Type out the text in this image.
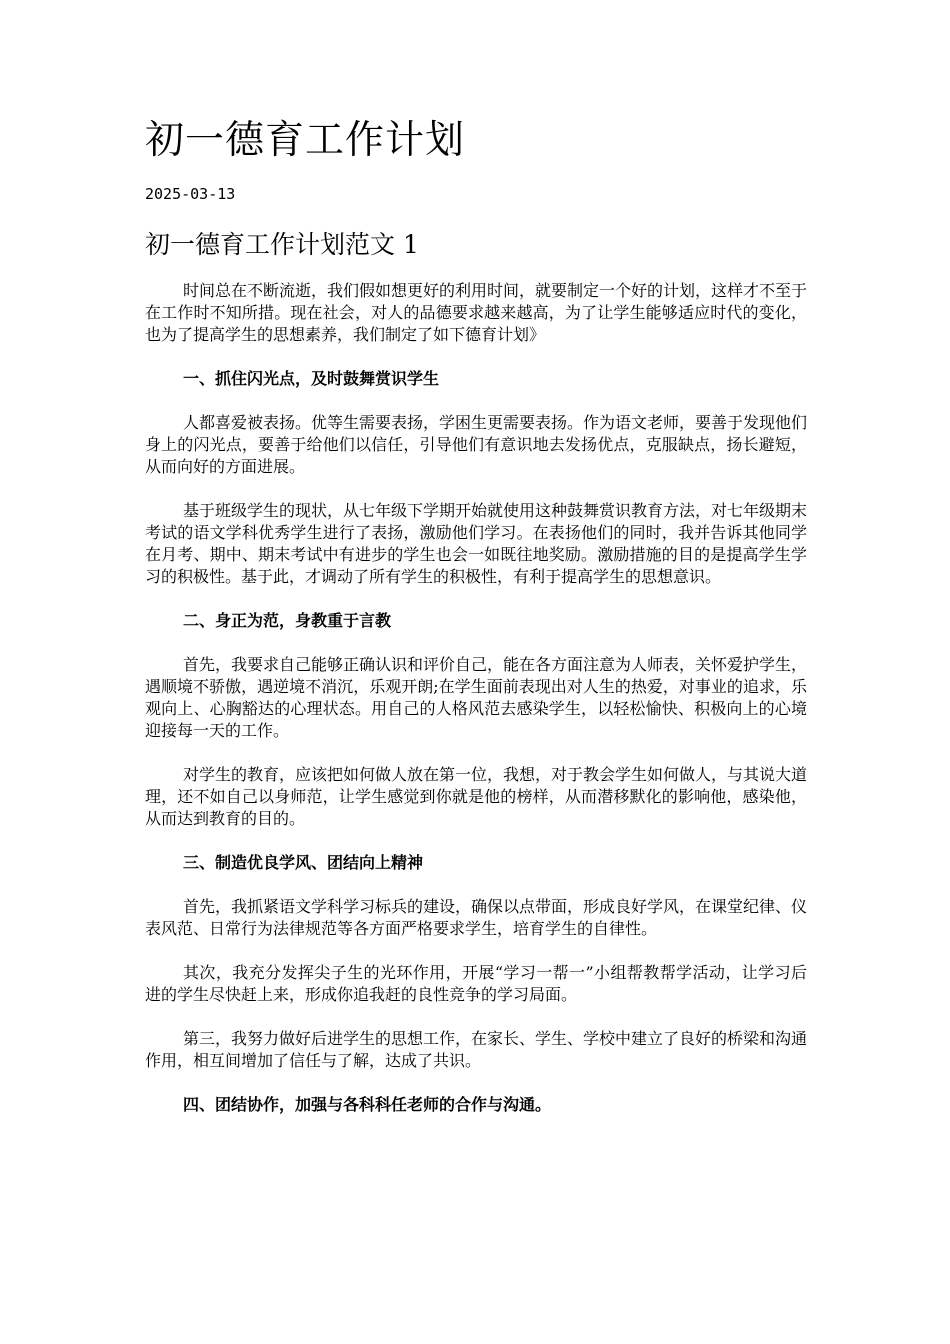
初一德育工作计划
2025-03-13
初一德育工作计划范文 1

时间总在不断流逝，我们假如想更好的利用时间，就要制定一个好的计划，这样才不至于在工作时不知所措。现在社会，对人的品德要求越来越高，为了让学生能够适应时代的变化，也为了提高学生的思想素养，我们制定了如下德育计划》

一、抓住闪光点，及时鼓舞赏识学生

人都喜爱被表扬。优等生需要表扬，学困生更需要表扬。作为语文老师，要善于发现他们身上的闪光点，要善于给他们以信任，引导他们有意识地去发扬优点，克服缺点，扬长避短，从而向好的方面进展。

基于班级学生的现状，从七年级下学期开始就使用这种鼓舞赏识教育方法，对七年级期末考试的语文学科优秀学生进行了表扬，激励他们学习。在表扬他们的同时，我并告诉其他同学在月考、期中、期末考试中有进步的学生也会一如既往地奖励。激励措施的目的是提高学生学习的积极性。基于此，才调动了所有学生的积极性，有利于提高学生的思想意识。

二、身正为范，身教重于言教

首先，我要求自己能够正确认识和评价自己，能在各方面注意为人师表，关怀爱护学生，遇顺境不骄傲，遇逆境不消沉，乐观开朗;在学生面前表现出对人生的热爱，对事业的追求，乐观向上、心胸豁达的心理状态。用自己的人格风范去感染学生，以轻松愉快、积极向上的心境迎接每一天的工作。

对学生的教育，应该把如何做人放在第一位，我想，对于教会学生如何做人，与其说大道理，还不如自己以身师范，让学生感觉到你就是他的榜样，从而潜移默化的影响他，感染他，从而达到教育的目的。

三、制造优良学风、团结向上精神

首先，我抓紧语文学科学习标兵的建设，确保以点带面，形成良好学风，在课堂纪律、仪表风范、日常行为法律规范等各方面严格要求学生，培育学生的自律性。

其次，我充分发挥尖子生的光环作用，开展“学习一帮一”小组帮教帮学活动，让学习后进的学生尽快赶上来，形成你追我赶的良性竞争的学习局面。

第三，我努力做好后进学生的思想工作，在家长、学生、学校中建立了良好的桥梁和沟通作用，相互间增加了信任与了解，达成了共识。

四、团结协作，加强与各科科任老师的合作与沟通。
